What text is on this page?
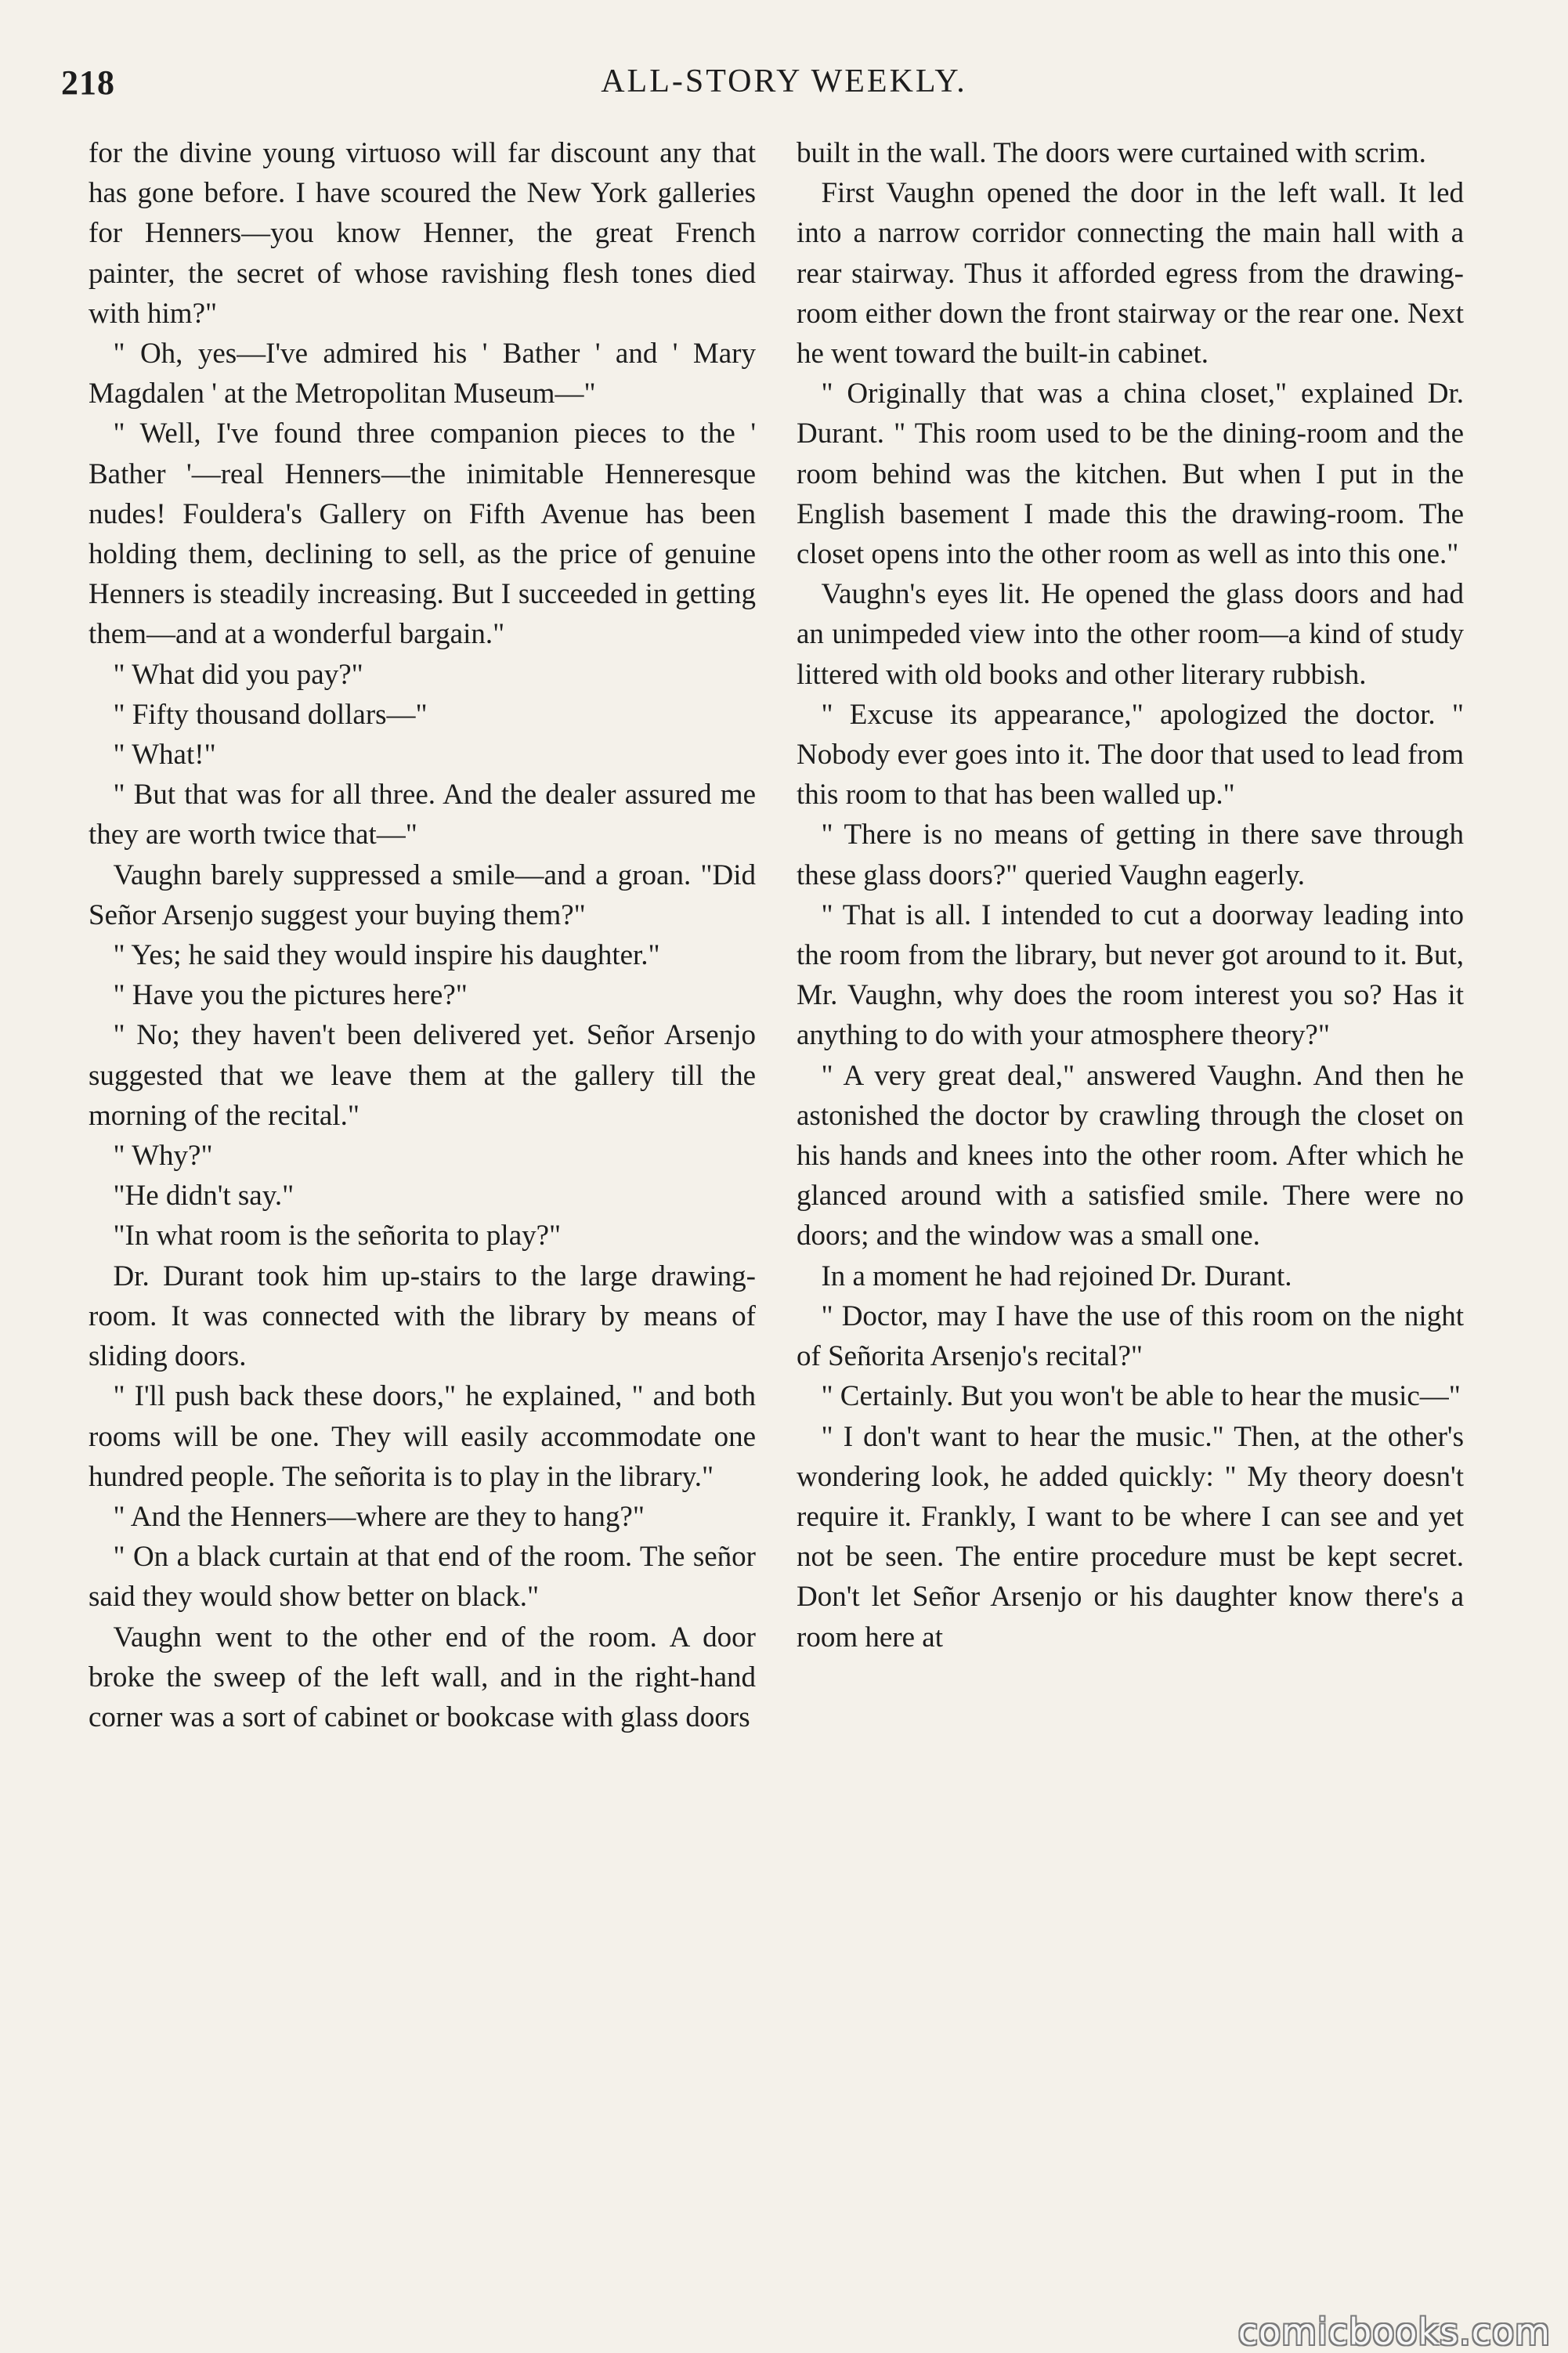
218	ALL-STORY WEEKLY.

for the divine young virtuoso will far discount any that has gone before. I have scoured the New York galleries for Henners—you know Henner, the great French painter, the secret of whose ravishing flesh tones died with him?"

" Oh, yes—I've admired his ' Bather ' and ' Mary Magdalen ' at the Metropolitan Museum—"

" Well, I've found three companion pieces to the ' Bather '—real Henners—the inimitable Henneresque nudes! Fouldera's Gallery on Fifth Avenue has been holding them, declining to sell, as the price of genuine Henners is steadily increasing. But I succeeded in getting them—and at a wonderful bargain."

" What did you pay?"

" Fifty thousand dollars—"

" What!"

" But that was for all three. And the dealer assured me they are worth twice that—"

Vaughn barely suppressed a smile—and a groan. "Did Señor Arsenjo suggest your buying them?"

" Yes; he said they would inspire his daughter."

" Have you the pictures here?"

" No; they haven't been delivered yet. Señor Arsenjo suggested that we leave them at the gallery till the morning of the recital."

" Why?"

"He didn't say."

"In what room is the señorita to play?"

Dr. Durant took him up-stairs to the large drawing-room. It was connected with the library by means of sliding doors.

" I'll push back these doors," he explained, " and both rooms will be one. They will easily accommodate one hundred people. The señorita is to play in the library."

" And the Henners—where are they to hang?"

" On a black curtain at that end of the room. The señor said they would show better on black."

Vaughn went to the other end of the room. A door broke the sweep of the left wall, and in the right-hand corner was a sort of cabinet or bookcase with glass doors

built in the wall. The doors were curtained with scrim.

First Vaughn opened the door in the left wall. It led into a narrow corridor connecting the main hall with a rear stairway. Thus it afforded egress from the drawing-room either down the front stairway or the rear one. Next he went toward the built-in cabinet.

" Originally that was a china closet," explained Dr. Durant. " This room used to be the dining-room and the room behind was the kitchen. But when I put in the English basement I made this the drawing-room. The closet opens into the other room as well as into this one."

Vaughn's eyes lit. He opened the glass doors and had an unimpeded view into the other room—a kind of study littered with old books and other literary rubbish.

" Excuse its appearance," apologized the doctor. " Nobody ever goes into it. The door that used to lead from this room to that has been walled up."

" There is no means of getting in there save through these glass doors?" queried Vaughn eagerly.

" That is all. I intended to cut a doorway leading into the room from the library, but never got around to it. But, Mr. Vaughn, why does the room interest you so? Has it anything to do with your atmosphere theory?"

" A very great deal," answered Vaughn. And then he astonished the doctor by crawling through the closet on his hands and knees into the other room. After which he glanced around with a satisfied smile. There were no doors; and the window was a small one.

In a moment he had rejoined Dr. Durant.

" Doctor, may I have the use of this room on the night of Señorita Arsenjo's recital?"

" Certainly. But you won't be able to hear the music—"

" I don't want to hear the music." Then, at the other's wondering look, he added quickly: " My theory doesn't require it. Frankly, I want to be where I can see and yet not be seen. The entire procedure must be kept secret. Don't let Señor Arsenjo or his daughter know there's a room here at

comicbooks.com
